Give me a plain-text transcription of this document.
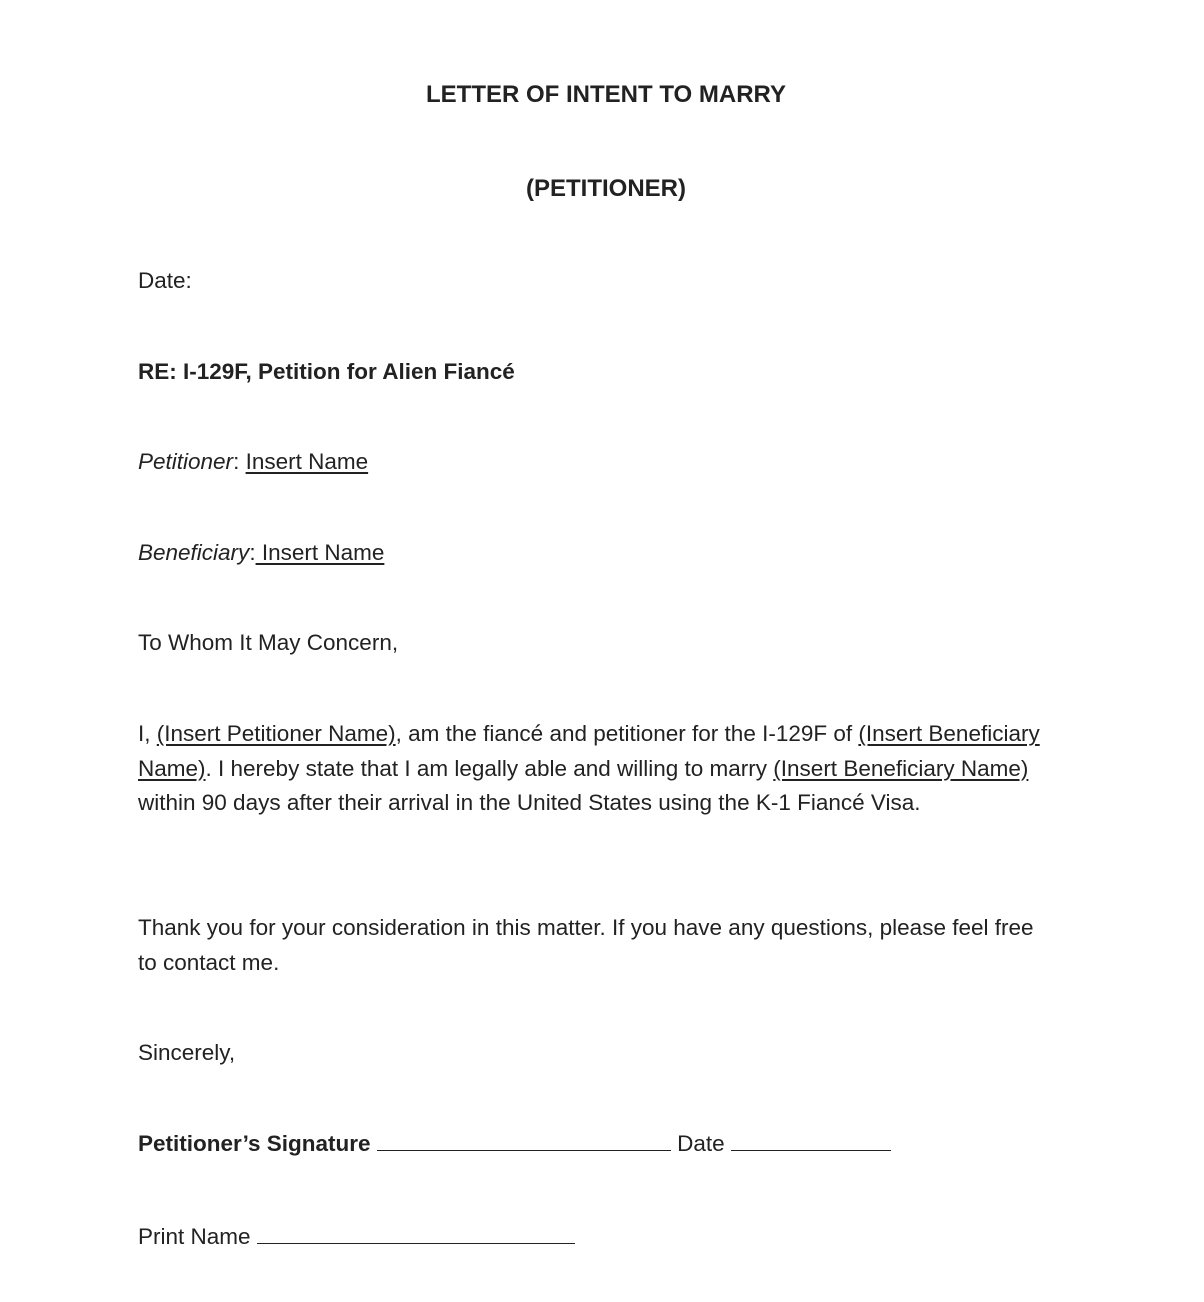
LETTER OF INTENT TO MARRY
(PETITIONER)

Date:

RE: I-129F, Petition for Alien Fiancé

Petitioner: Insert Name

Beneficiary: Insert Name

To Whom It May Concern,

I, (Insert Petitioner Name), am the fiancé and petitioner for the I-129F of (Insert Beneficiary Name). I hereby state that I am legally able and willing to marry (Insert Beneficiary Name) within 90 days after their arrival in the United States using the K-1 Fiancé Visa.

Thank you for your consideration in this matter. If you have any questions, please feel free to contact me.

Sincerely,

Petitioner’s Signature	Date

Print Name
